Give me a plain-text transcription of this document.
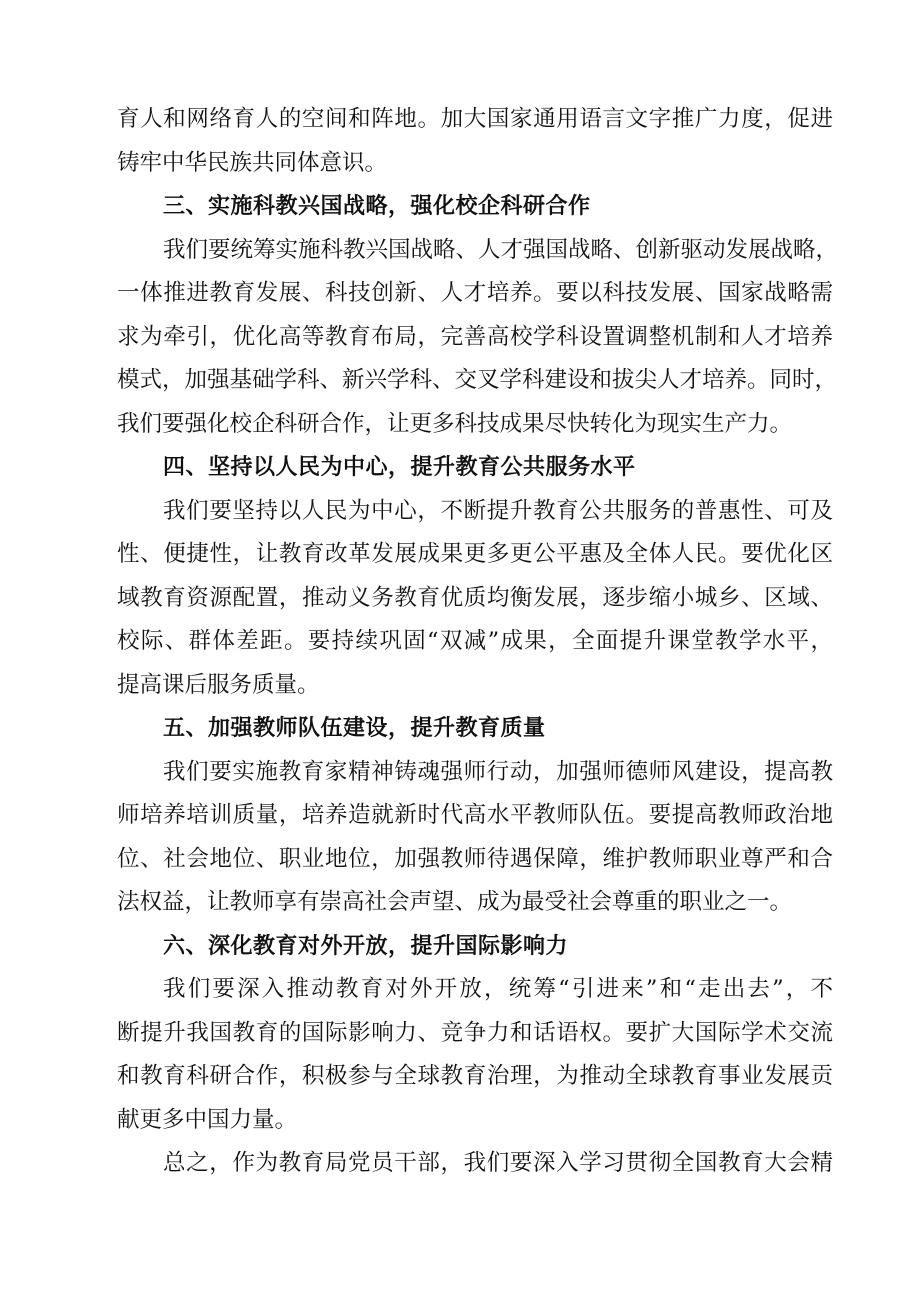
育人和网络育人的空间和阵地。加大国家通用语言文字推广力度，促进
铸牢中华民族共同体意识。
三、实施科教兴国战略，强化校企科研合作
我们要统筹实施科教兴国战略、人才强国战略、创新驱动发展战略，
一体推进教育发展、科技创新、人才培养。要以科技发展、国家战略需
求为牵引，优化高等教育布局，完善高校学科设置调整机制和人才培养
模式，加强基础学科、新兴学科、交叉学科建设和拔尖人才培养。同时，
我们要强化校企科研合作，让更多科技成果尽快转化为现实生产力。
四、坚持以人民为中心，提升教育公共服务水平
我们要坚持以人民为中心，不断提升教育公共服务的普惠性、可及
性、便捷性，让教育改革发展成果更多更公平惠及全体人民。要优化区
域教育资源配置，推动义务教育优质均衡发展，逐步缩小城乡、区域、
校际、群体差距。要持续巩固“双减”成果，全面提升课堂教学水平，
提高课后服务质量。
五、加强教师队伍建设，提升教育质量
我们要实施教育家精神铸魂强师行动，加强师德师风建设，提高教
师培养培训质量，培养造就新时代高水平教师队伍。要提高教师政治地
位、社会地位、职业地位，加强教师待遇保障，维护教师职业尊严和合
法权益，让教师享有崇高社会声望、成为最受社会尊重的职业之一。
六、深化教育对外开放，提升国际影响力
我们要深入推动教育对外开放，统筹“引进来”和“走出去”，不
断提升我国教育的国际影响力、竞争力和话语权。要扩大国际学术交流
和教育科研合作，积极参与全球教育治理，为推动全球教育事业发展贡
献更多中国力量。
总之，作为教育局党员干部，我们要深入学习贯彻全国教育大会精
